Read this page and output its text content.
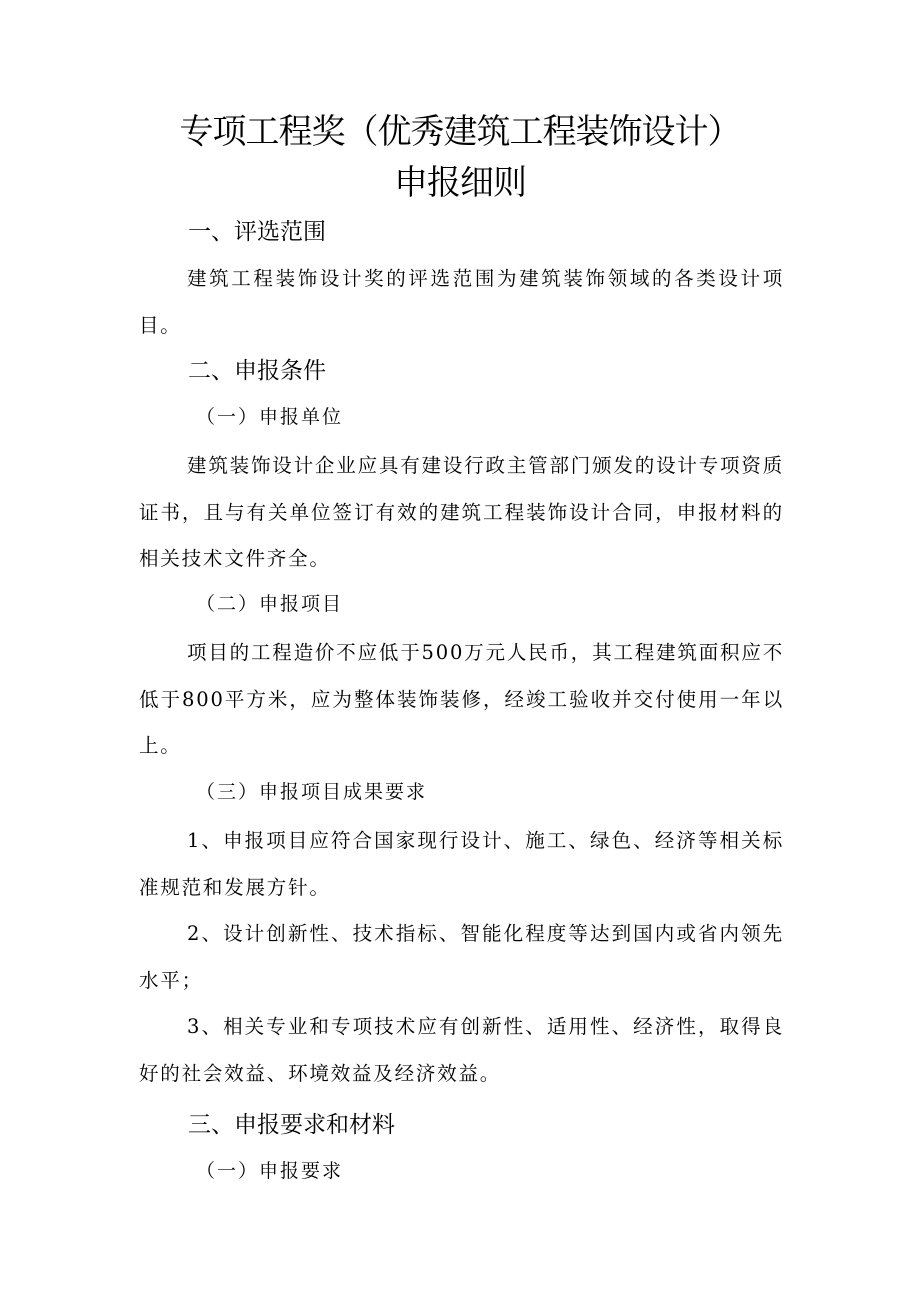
专项工程奖（优秀建筑工程装饰设计）
申报细则
一、评选范围

建筑工程装饰设计奖的评选范围为建筑装饰领域的各类设计项目。

二、申报条件
（一）申报单位

建筑装饰设计企业应具有建设行政主管部门颁发的设计专项资质证书，且与有关单位签订有效的建筑工程装饰设计合同，申报材料的相关技术文件齐全。

（二）申报项目

项目的工程造价不应低于500万元人民币，其工程建筑面积应不低于800平方米，应为整体装饰装修，经竣工验收并交付使用一年以上。

（三）申报项目成果要求

1、申报项目应符合国家现行设计、施工、绿色、经济等相关标准规范和发展方针。

2、设计创新性、技术指标、智能化程度等达到国内或省内领先水平；

3、相关专业和专项技术应有创新性、适用性、经济性，取得良好的社会效益、环境效益及经济效益。

三、申报要求和材料
（一）申报要求
